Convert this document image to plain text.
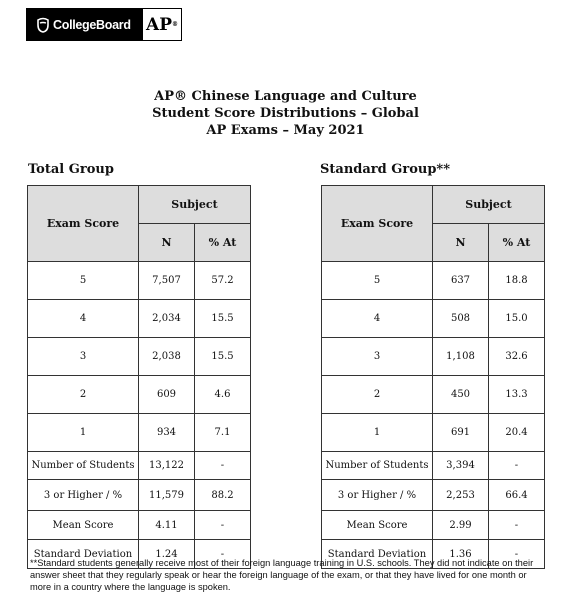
CollegeBoard AP ®
AP® Chinese Language and Culture
Student Score Distributions – Global
AP Exams – May 2021
Total Group	Standard Group**
Exam Score	Subject	
	N	% At
5	7,507	57.2
4	2,034	15.5
3	2,038	15.5
2	609	4.6
1	934	7.1
Number of Students	13,122	-
3 or Higher / %	11,579	88.2
Mean Score	4.11	-
Standard Deviation	1.24	-
Exam Score	Subject	
	N	% At
5	637	18.8
4	508	15.0
3	1,108	32.6
2	450	13.3
1	691	20.4
Number of Students	3,394	-
3 or Higher / %	2,253	66.4
Mean Score	2.99	-
Standard Deviation	1.36	-
**Standard students generally receive most of their foreign language training in U.S. schools. They did not indicate on their answer sheet that they regularly speak or hear the foreign language of the exam, or that they have lived for one month or more in a country where the language is spoken.
